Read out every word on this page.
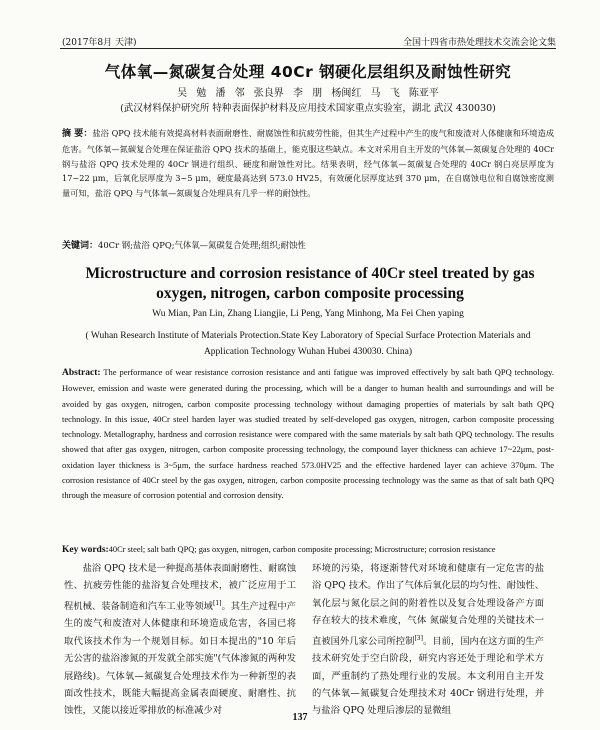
(2017年8月 天津)	全国十四省市热处理技术交流会论文集
气体氧—氮碳复合处理 40Cr 钢硬化层组织及耐蚀性研究
吴 勉 潘 邻 张良界 李 朋 杨闽红 马 飞 陈亚平
(武汉材料保护研究所 特种表面保护材料及应用技术国家重点实验室，湖北 武汉 430030)
摘 要：盐浴 QPQ 技术能有效提高材料表面耐磨性、耐腐蚀性和抗疲劳性能，但其生产过程中产生的废气和废渣对人体健康和环境造成危害。气体氧—氮碳复合处理在保证盐浴 QPQ 技术的基础上，能克服这些缺点。本文对采用自主开发的气体氧—氮碳复合处理的 40Cr 钢与盐浴 QPQ 技术处理的 40Cr 钢进行组织、硬度和耐蚀性对比。结果表明，经气体氧—氮碳复合处理的 40Cr 钢白亮层厚度为 17~22 μm，后氧化层厚度为 3~5 μm，硬度最高达到 573.0 HV25，有效硬化层厚度达到 370 μm，在自腐蚀电位和自腐蚀密度测量可知，盐浴 QPQ 与气体氧—氮碳复合处理具有几乎一样的耐蚀性。
关键词：40Cr 钢;盐浴 QPQ;气体氧—氮碳复合处理;组织;耐蚀性
Microstructure and corrosion resistance of 40Cr steel treated by gas oxygen, nitrogen, carbon composite processing
Wu Mian, Pan Lin, Zhang Liangjie, Li Peng, Yang Minhong, Ma Fei Chen yaping
( Wuhan Research Institute of Materials Protection.State Key Laboratory of Special Surface Protection Materials and Application Technology Wuhan Hubei 430030. China)
Abstract: The performance of wear resistance corrosion resistance and anti fatigue was improved effectively by salt bath QPQ technology. However, emission and waste were generated during the processing, which will be a danger to human health and surroundings and will be avoided by gas oxygen, nitrogen, carbon composite processing technology without damaging properties of materials by salt bath QPQ technology. In this issue, 40Cr steel harden layer was studied treated by self-developed gas oxygen, nitrogen, carbon composite processing technology. Metallography, hardness and corrosion resistance were compared with the same materials by salt bath QPQ technology. The results showed that after gas oxygen, nitrogen, carbon composite processing technology, the compound layer thickness can achieve 17~22μm, post-oxidation layer thickness is 3~5μm, the surface hardness reached 573.0HV25 and the effective hardened layer can achieve 370μm. The corrosion resistance of 40Cr steel by the gas oxygen, nitrogen, carbon composite processing technology was the same as that of salt bath QPQ through the measure of corrosion potential and corrosion density.
Key words:40Cr steel; salt bath QPQ; gas oxygen, nitrogen, carbon composite processing; Microstructure; corrosion resistance
盐浴 QPQ 技术是一种提高基体表面耐磨性、耐腐蚀性、抗疲劳性能的盐浴复合处理技术，被广泛应用于工程机械、装备制造和汽车工业等领域[1]。其生产过程中产生的废气和废渣对人体健康和环境造成危害，各国已将取代该技术作为一个规划目标。如日本提出的"10 年后无公害的盐浴渗氮的开发就全部实施"(气体渗氮的两种发展路线)。气体氧—氮碳复合处理技术作为一种新型的表面改性技术，既能大幅提高金属表面硬度、耐磨性、抗蚀性，又能以接近零排放的标准减少对
环境的污染，将逐渐替代对环境和健康有一定危害的盐浴 QPQ 技术。作出了气体后氧化层的均匀性、耐蚀性、氧化层与氮化层之间的附着性以及复合处理设备产方面存在较大的技术难度，气体 氮碳复合处理的关键技术一直被国外几家公司所控制[3]。目前，国内在这方面的生产技术研究处于空白阶段，研究内容还处于理论和学术方面，严重制约了热处理行业的发展。本文利用自主开发的气体氧—氮碳复合处理技术对 40Cr 钢进行处理，并与盐浴 QPQ 处理后渗层的显微组
137
